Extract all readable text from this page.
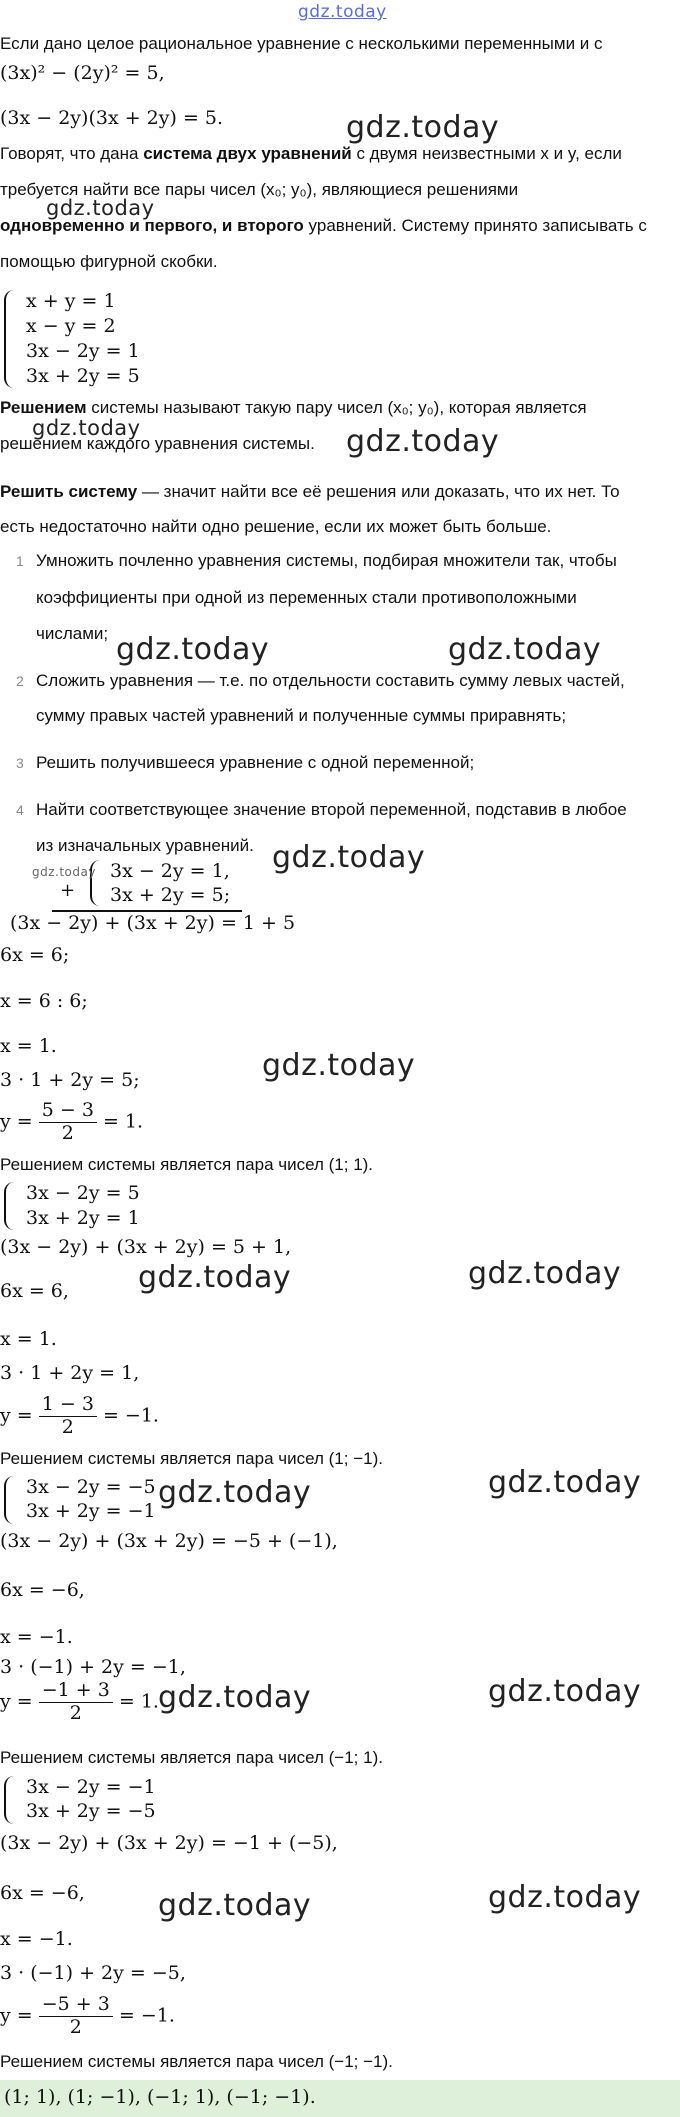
gdz.today
Если дано целое рациональное уравнение с несколькими переменными и с
(3x)² − (2y)² = 5,
(3x − 2y)(3x + 2y) = 5.
Говорят, что дана система двух уравнений с двумя неизвестными x и y, если
требуется найти все пары чисел (x₀; y₀), являющиеся решениями
одновременно и первого, и второго уравнений. Систему принято записывать с
помощью фигурной скобки.
x + y = 1
x − y = 2
3x − 2y = 1
3x + 2y = 5
Решением системы называют такую пару чисел (x₀; y₀), которая является
решением каждого уравнения системы.
Решить систему — значит найти все её решения или доказать, что их нет. То
есть недостаточно найти одно решение, если их может быть больше.
1 Умножить почленно уравнения системы, подбирая множители так, чтобы
коэффициенты при одной из переменных стали противоположными
числами;
2 Сложить уравнения — т.е. по отдельности составить сумму левых частей,
сумму правых частей уравнений и полученные суммы приравнять;
3 Решить получившееся уравнение с одной переменной;
4 Найти соответствующее значение второй переменной, подставив в любое
из изначальных уравнений.
+
3x − 2y = 1,
3x + 2y = 5;
(3x − 2y) + (3x + 2y) = 1 + 5
6x = 6;
x = 6 : 6;
x = 1.
3 · 1 + 2y = 5;
$y = \frac{5 - 3}{2} = 1$.
Решением системы является пара чисел (1; 1).
3x − 2y = 5
3x + 2y = 1
(3x − 2y) + (3x + 2y) = 5 + 1,
6x = 6,
x = 1.
3 · 1 + 2y = 1,
$y = \frac{1 - 3}{2} = -1$.
Решением системы является пара чисел (1; −1).
3x − 2y = −5
3x + 2y = −1
(3x − 2y) + (3x + 2y) = −5 + (−1),
6x = −6,
x = −1.
3 · (−1) + 2y = −1,
$y = \frac{-1 + 3}{2} = 1$.
Решением системы является пара чисел (−1; 1).
3x − 2y = −1
3x + 2y = −5
(3x − 2y) + (3x + 2y) = −1 + (−5),
6x = −6,
x = −1.
3 · (−1) + 2y = −5,
$y = \frac{-5 + 3}{2} = -1$.
Решением системы является пара чисел (−1; −1).
(1; 1), (1; −1), (−1; 1), (−1; −1).
gdz.today
gdz.today
gdz.today	gdz.today
gdz.today	gdz.today
gdz.today	gdz.today
gdz.today
gdz.today	gdz.today
gdz.today	gdz.today
gdz.today	gdz.today
gdz.today	gdz.today
